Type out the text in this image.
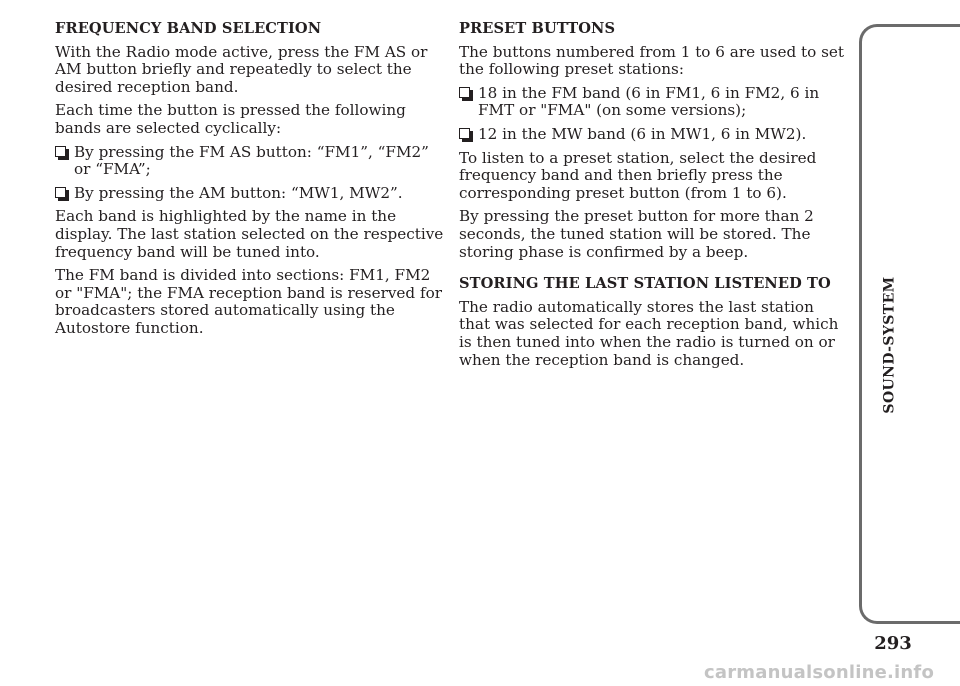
FREQUENCY BAND SELECTION
With the Radio mode active, press the FM AS or AM button briefly and repeatedly to select the desired reception band.
Each time the button is pressed the following bands are selected cyclically:
By pressing the FM AS button: “FM1”, “FM2” or “FMA”;
By pressing the AM button: “MW1, MW2”.
Each band is highlighted by the name in the display. The last station selected on the respective frequency band will be tuned into.
The FM band is divided into sections: FM1, FM2 or "FMA"; the FMA reception band is reserved for broadcasters stored automatically using the Autostore function.
PRESET BUTTONS
The buttons numbered from 1 to 6 are used to set the following preset stations:
18 in the FM band (6 in FM1, 6 in FM2, 6 in FMT or "FMA" (on some versions);
12 in the MW band (6 in MW1, 6 in MW2).
To listen to a preset station, select the desired frequency band and then briefly press the corresponding preset button (from 1 to 6).
By pressing the preset button for more than 2 seconds, the tuned station will be stored. The storing phase is confirmed by a beep.
STORING THE LAST STATION LISTENED TO
The radio automatically stores the last station that was selected for each reception band, which is then tuned into when the radio is turned on or when the reception band is changed.	SOUND-SYSTEM
293
carmanualsonline.info
